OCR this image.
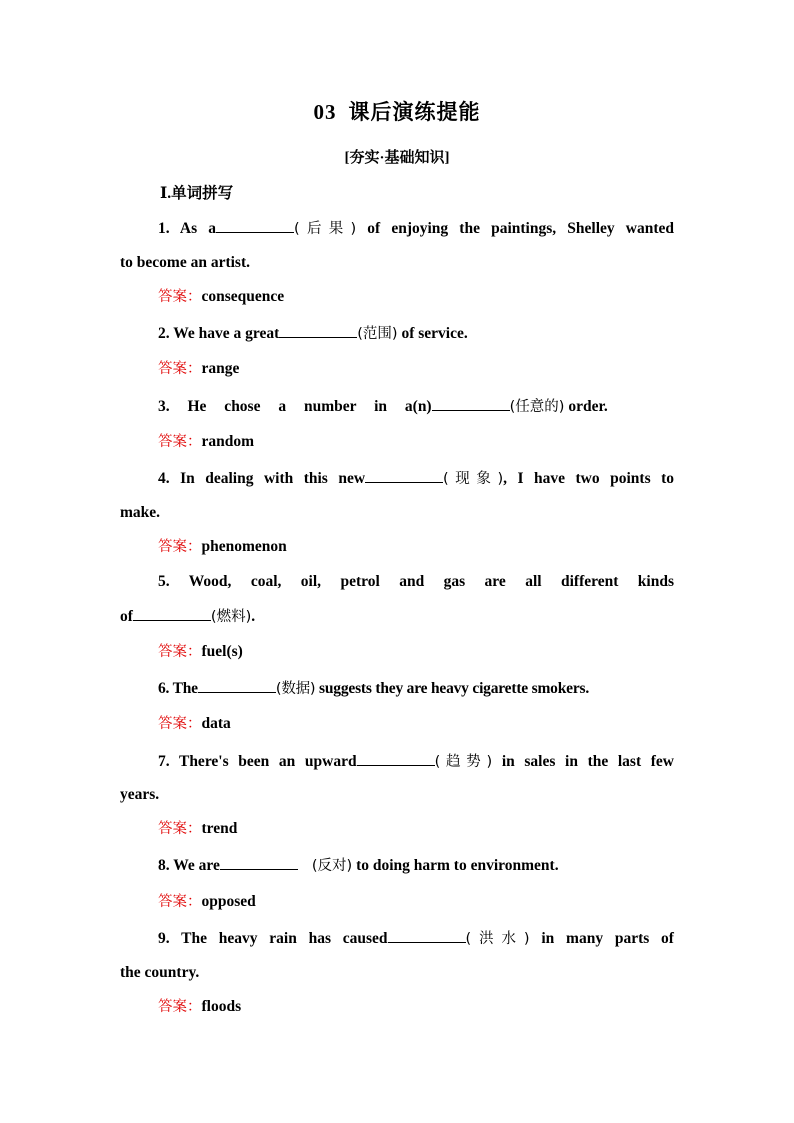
03 课后演练提能
[夯实·基础知识]
Ⅰ.单词拼写
1. As a	(后果) of enjoying the paintings, Shelley wanted
to become an artist.
答案：consequence
2. We have a great	(范围) of service.
答案：range
3. He chose a number in a(n)	(任意的) order.
答案：random
4. In dealing with this new	(现象), I have two points to
make.
答案：phenomenon
5. Wood, coal, oil, petrol and gas are all different kinds
of	(燃料).
答案：fuel(s)
6. The	(数据) suggests they are heavy cigarette smokers.
答案：data
7. There's been an upward	(趋势) in sales in the last few
years.
答案：trend
8. We are	(反对) to doing harm to environment.
答案：opposed
9. The heavy rain has caused	(洪水) in many parts of
the country.
答案：floods
